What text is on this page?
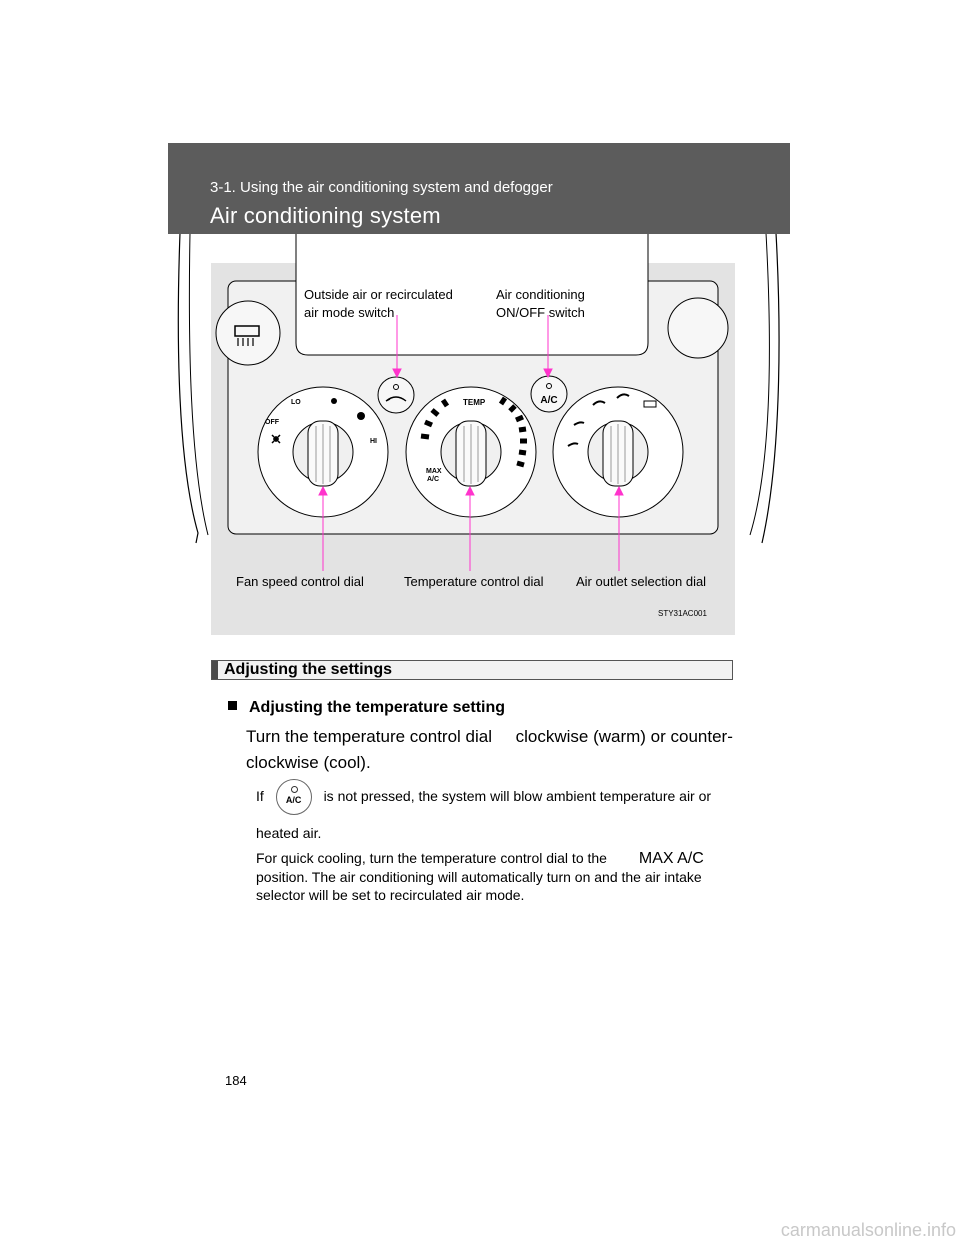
A/C
LO
OFF
HI
TEMP
MAX
A/C
STY31AC001
3-1. Using the air conditioning system and defogger
Air conditioning system
Outside air or recirculated
air mode switch
Air conditioning
ON/OFF switch
Fan speed control dial	Temperature control dial	Air outlet selection dial
Adjusting the settings
Adjusting the temperature setting
Turn the temperature control dial     clockwise (warm) or counter-
clockwise (cool).
If	A/C	is not pressed, the system will blow ambient temperature air or heated air.
For quick cooling, turn the temperature control dial to the MAX A/C position. The air conditioning will automatically turn on and the air intake selector will be set to recirculated air mode.
184
carmanualsonline.info
